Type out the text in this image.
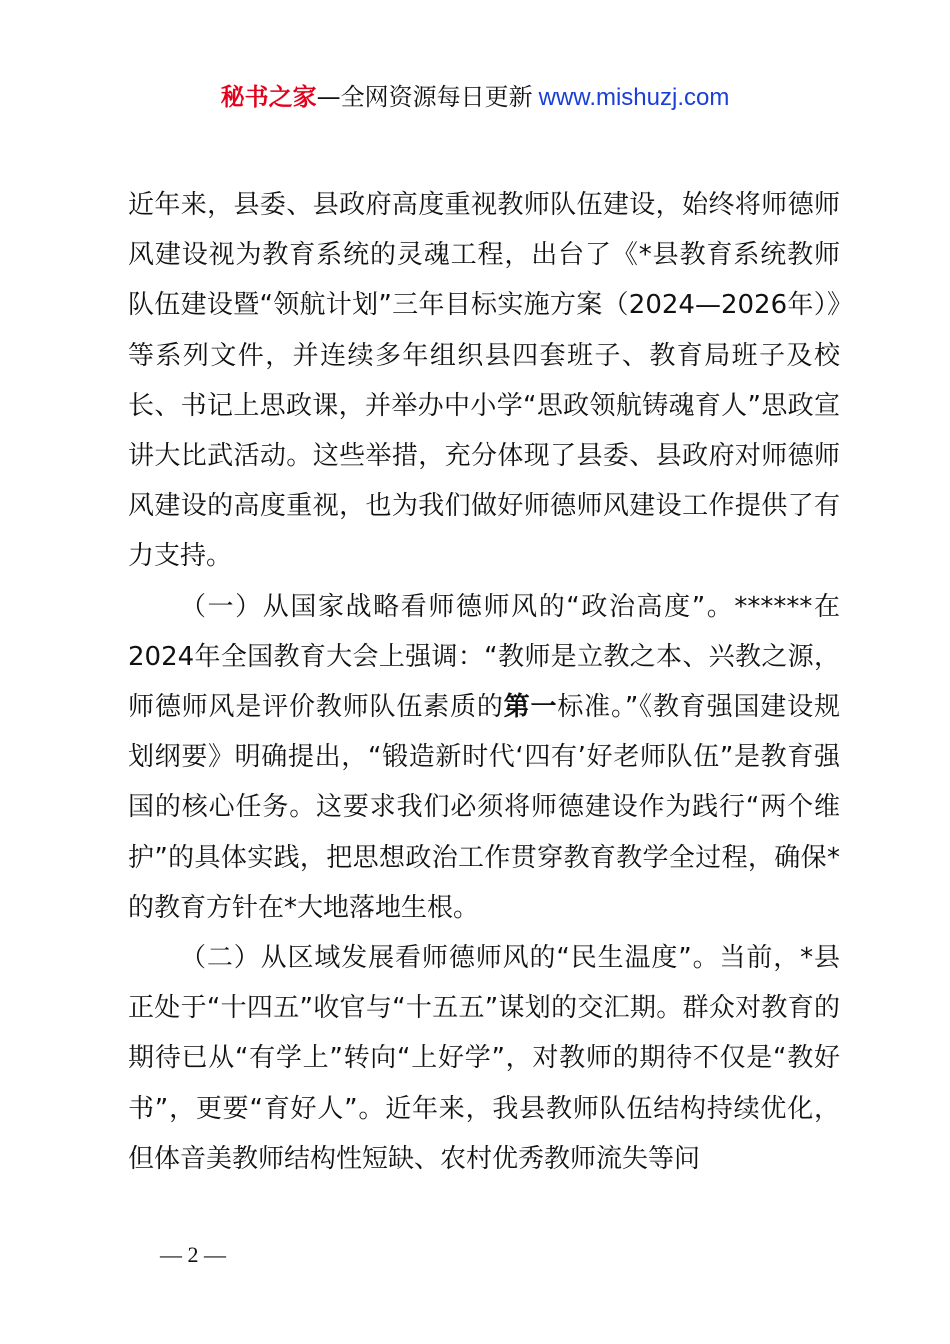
秘书之家—全网资源每日更新 www.mishuzj.com

近年来，县委、县政府高度重视教师队伍建设，始终将师德师风建设视为教育系统的灵魂工程，出台了《*县教育系统教师队伍建设暨“领航计划”三年目标实施方案（2024—2026年）》等系列文件，并连续多年组织县四套班子、教育局班子及校长、书记上思政课，并举办中小学“思政领航铸魂育人”思政宣讲大比武活动。这些举措，充分体现了县委、县政府对师德师风建设的高度重视，也为我们做好师德师风建设工作提供了有力支持。

（一）从国家战略看师德师风的“政治高度”。******在2024年全国教育大会上强调：“教师是立教之本、兴教之源，师德师风是评价教师队伍素质的第一标准。”《教育强国建设规划纲要》明确提出，“锻造新时代‘四有’好老师队伍”是教育强国的核心任务。这要求我们必须将师德建设作为践行“两个维护”的具体实践，把思想政治工作贯穿教育教学全过程，确保*的教育方针在*大地落地生根。

（二）从区域发展看师德师风的“民生温度”。当前，*县正处于“十四五”收官与“十五五”谋划的交汇期。群众对教育的期待已从“有学上”转向“上好学”，对教师的期待不仅是“教好书”，更要“育好人”。近年来，我县教师队伍结构持续优化，但体音美教师结构性短缺、农村优秀教师流失等问

— 2 —
